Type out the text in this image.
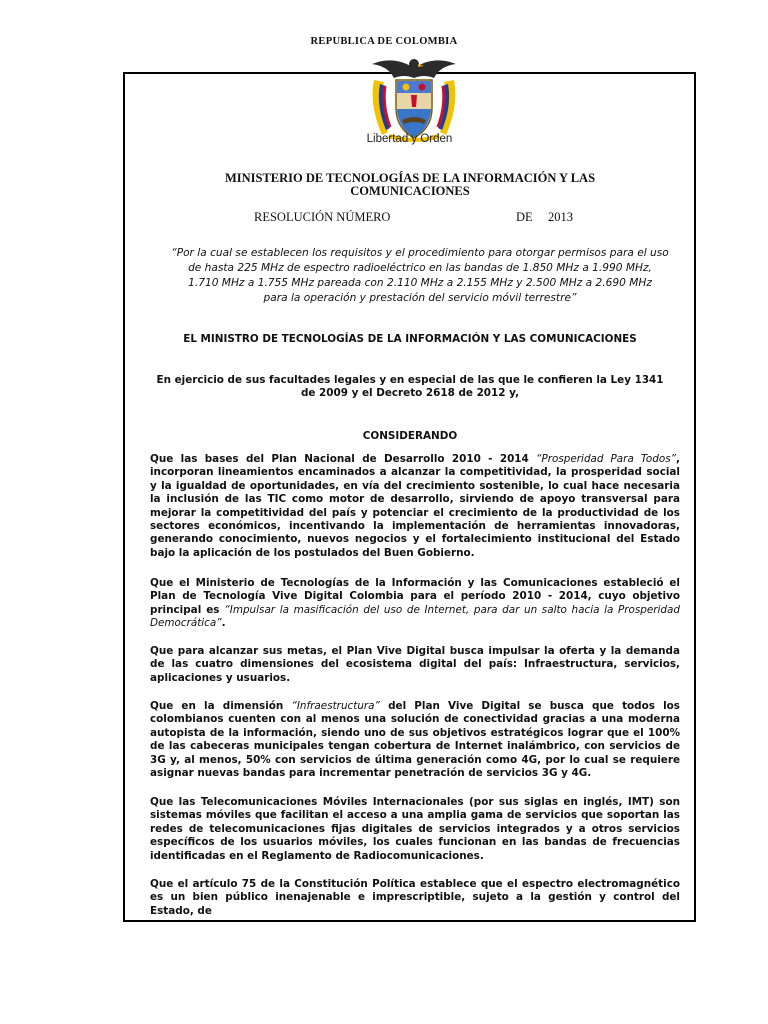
REPUBLICA DE COLOMBIA
Libertad y Orden
MINISTERIO DE TECNOLOGÍAS DE LA INFORMACIÓN Y LAS COMUNICACIONES
RESOLUCIÓN NÚMERO	DE 2013
“Por la cual se establecen los requisitos y el procedimiento para otorgar permisos para el uso
de hasta 225 MHz de espectro radioeléctrico en las bandas de 1.850 MHz a 1.990 MHz,
1.710 MHz a 1.755 MHz pareada con 2.110 MHz a 2.155 MHz y 2.500 MHz a 2.690 MHz
para la operación y prestación del servicio móvil terrestre”
EL MINISTRO DE TECNOLOGÍAS DE LA INFORMACIÓN Y LAS COMUNICACIONES
En ejercicio de sus facultades legales y en especial de las que le confieren la Ley 1341 de 2009 y el Decreto 2618 de 2012 y,
CONSIDERANDO
Que las bases del Plan Nacional de Desarrollo 2010 - 2014 “Prosperidad Para Todos”, incorporan lineamientos encaminados a alcanzar la competitividad, la prosperidad social y la igualdad de oportunidades, en vía del crecimiento sostenible, lo cual hace necesaria la inclusión de las TIC como motor de desarrollo, sirviendo de apoyo transversal para mejorar la competitividad del país y potenciar el crecimiento de la productividad de los sectores económicos, incentivando la implementación de herramientas innovadoras, generando conocimiento, nuevos negocios y el fortalecimiento institucional del Estado bajo la aplicación de los postulados del Buen Gobierno.
Que el Ministerio de Tecnologías de la Información y las Comunicaciones estableció el Plan de Tecnología Vive Digital Colombia para el período 2010 - 2014, cuyo objetivo principal es “Impulsar la masificación del uso de Internet, para dar un salto hacia la Prosperidad Democrática”.
Que para alcanzar sus metas, el Plan Vive Digital busca impulsar la oferta y la demanda de las cuatro dimensiones del ecosistema digital del país: Infraestructura, servicios, aplicaciones y usuarios.
Que en la dimensión “Infraestructura” del Plan Vive Digital se busca que todos los colombianos cuenten con al menos una solución de conectividad gracias a una moderna autopista de la información, siendo uno de sus objetivos estratégicos lograr que el 100% de las cabeceras municipales tengan cobertura de Internet inalámbrico, con servicios de 3G y, al menos, 50% con servicios de última generación como 4G, por lo cual se requiere asignar nuevas bandas para incrementar penetración de servicios 3G y 4G.
Que las Telecomunicaciones Móviles Internacionales (por sus siglas en inglés, IMT) son sistemas móviles que facilitan el acceso a una amplia gama de servicios que soportan las redes de telecomunicaciones fijas digitales de servicios integrados y a otros servicios específicos de los usuarios móviles, los cuales funcionan en las bandas de frecuencias identificadas en el Reglamento de Radiocomunicaciones.
Que el artículo 75 de la Constitución Política establece que el espectro electromagnético es un bien público inenajenable e imprescriptible, sujeto a la gestión y control del Estado, de
